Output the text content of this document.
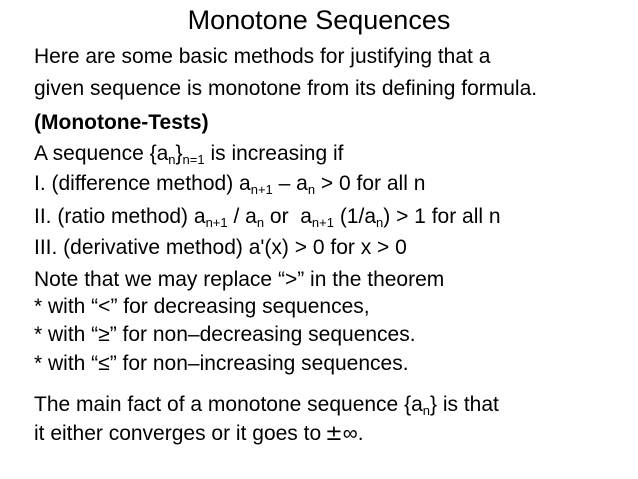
Monotone Sequences
Here are some basic methods for justifying that a
given sequence is monotone from its defining formula.
(Monotone-Tests)
A sequence $\{a_n\}_{n=1}$ is increasing if
I. (difference method) $a_{n+1} - a_n > 0$ for all n
II. (ratio method) $a_{n+1} / a_n$ or  $a_{n+1}$ $(1/a_n) > 1$ for all n
III. (derivative method) a'(x) > 0 for x > 0
Note that we may replace “>” in the theorem
* with “<” for decreasing sequences,
* with “≥” for non–decreasing sequences.
* with “≤” for non–increasing sequences.
The main fact of a monotone sequence $\{a_n\}$ is that
it either converges or it goes to ±∞.
